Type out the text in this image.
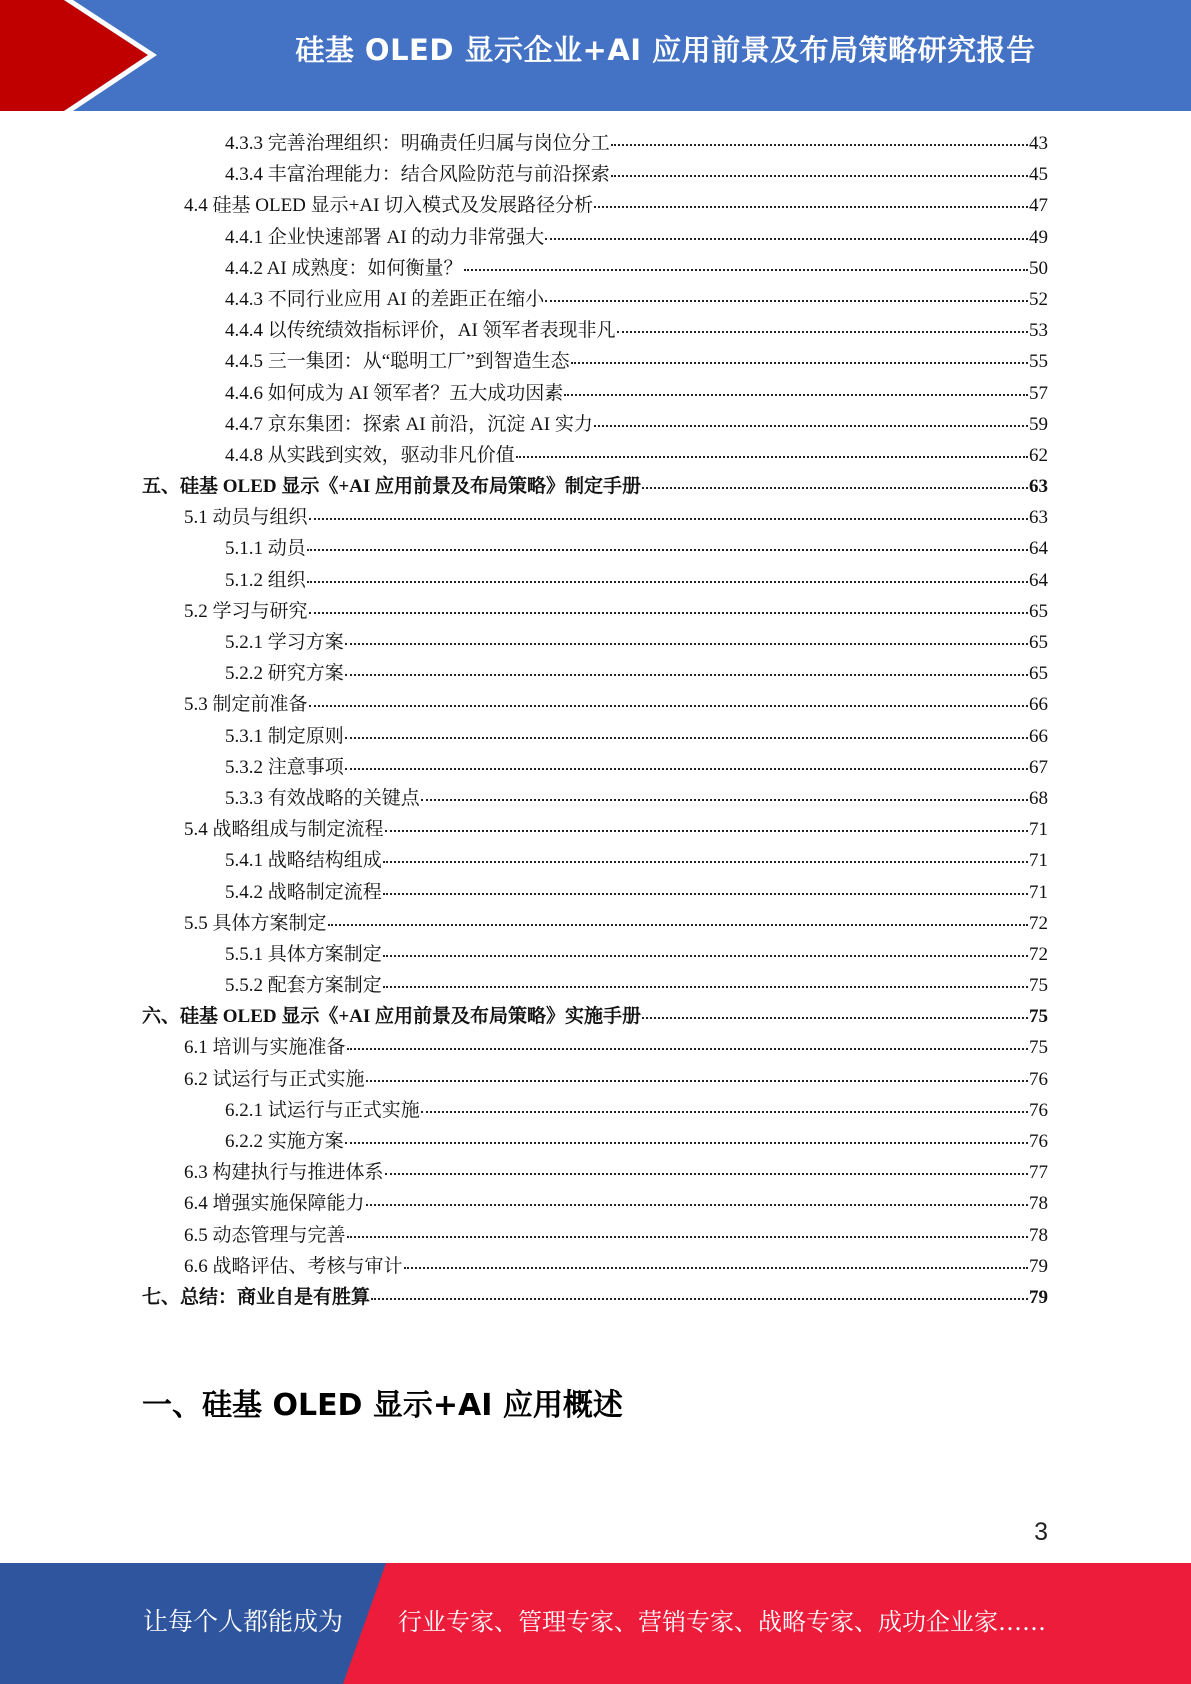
硅基 OLED 显示企业+AI 应用前景及布局策略研究报告
4.3.3 完善治理组织：明确责任归属与岗位分工	43
4.3.4 丰富治理能力：结合风险防范与前沿探索	45
4.4 硅基 OLED 显示+AI 切入模式及发展路径分析	47
4.4.1 企业快速部署 AI 的动力非常强大	49
4.4.2 AI 成熟度：如何衡量？	50
4.4.3 不同行业应用 AI 的差距正在缩小	52
4.4.4 以传统绩效指标评价，AI 领军者表现非凡	53
4.4.5 三一集团：从“聪明工厂”到智造生态	55
4.4.6 如何成为 AI 领军者？五大成功因素	57
4.4.7 京东集团：探索 AI 前沿，沉淀 AI 实力	59
4.4.8 从实践到实效，驱动非凡价值	62
五、硅基 OLED 显示《+AI 应用前景及布局策略》制定手册	63
5.1 动员与组织	63
5.1.1 动员	64
5.1.2 组织	64
5.2 学习与研究	65
5.2.1 学习方案	65
5.2.2 研究方案	65
5.3 制定前准备	66
5.3.1 制定原则	66
5.3.2 注意事项	67
5.3.3 有效战略的关键点	68
5.4 战略组成与制定流程	71
5.4.1 战略结构组成	71
5.4.2 战略制定流程	71
5.5 具体方案制定	72
5.5.1 具体方案制定	72
5.5.2 配套方案制定	75
六、硅基 OLED 显示《+AI 应用前景及布局策略》实施手册	75
6.1 培训与实施准备	75
6.2 试运行与正式实施	76
6.2.1 试运行与正式实施	76
6.2.2 实施方案	76
6.3 构建执行与推进体系	77
6.4 增强实施保障能力	78
6.5 动态管理与完善	78
6.6 战略评估、考核与审计	79
七、总结：商业自是有胜算	79
一、硅基 OLED 显示+AI 应用概述
3
让每个人都能成为 行业专家、管理专家、营销专家、战略专家、成功企业家……
